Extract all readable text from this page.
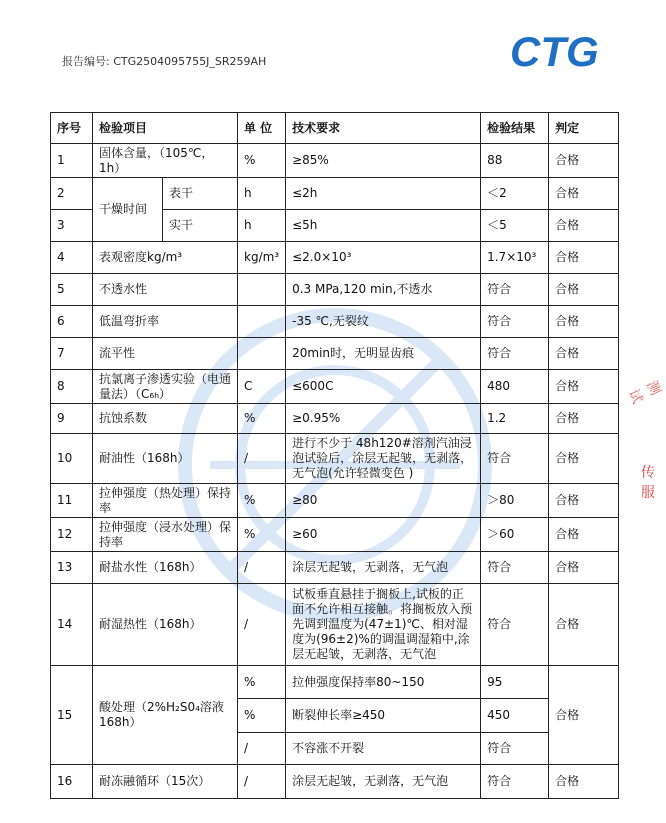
报告编号: CTG2504095755J_SR259AH	CTG
测试
传服
序号	检验项目		单 位	技术要求	检验结果	判定
1	固体含量，（105℃，1h）		%	≥85%	88	合格
2	干燥时间	表干	h	≤2h	＜2	合格
3		实干	h	≤5h	＜5	合格
4	表观密度kg/m³		kg/m³	≤2.0×10³	1.7×10³	合格
5	不透水性			0.3 MPa,120 min,不透水	符合	合格
6	低温弯折率			-35 ℃,无裂纹	符合	合格
7	流平性			20min时，无明显齿痕	符合	合格
8	抗氯离子渗透实验（电通量法）（C₆ₕ）		C	≤600C	480	合格
9	抗蚀系数		%	≥0.95%	1.2	合格
10	耐油性（168h）		/	进行不少于 48h120#溶剂汽油浸泡试验后，涂层无起皱，无剥落，无气泡(允许轻微变色 )	符合	合格
11	拉伸强度（热处理）保持率		%	≥80	＞80	合格
12	拉伸强度（浸水处理）保持率		%	≥60	＞60	合格
13	耐盐水性（168h）		/	涂层无起皱，无剥落，无气泡	符合	合格
14	耐湿热性（168h）		/	试板垂直悬挂于搁板上,试板的正面不允许相互接触。将搁板放入预先调到温度为(47±1)℃、相对湿度为(96±2)%的调温调湿箱中,涂层无起皱，无剥落，无气泡	符合	合格
15	酸处理（2%H₂S0₄溶液168h）		%	拉伸强度保持率80~150	95	合格
			%	断裂伸长率≥450	450	
			/	不容涨不开裂	符合	
16	耐冻融循环（15次）		/	涂层无起皱，无剥落，无气泡	符合	合格
